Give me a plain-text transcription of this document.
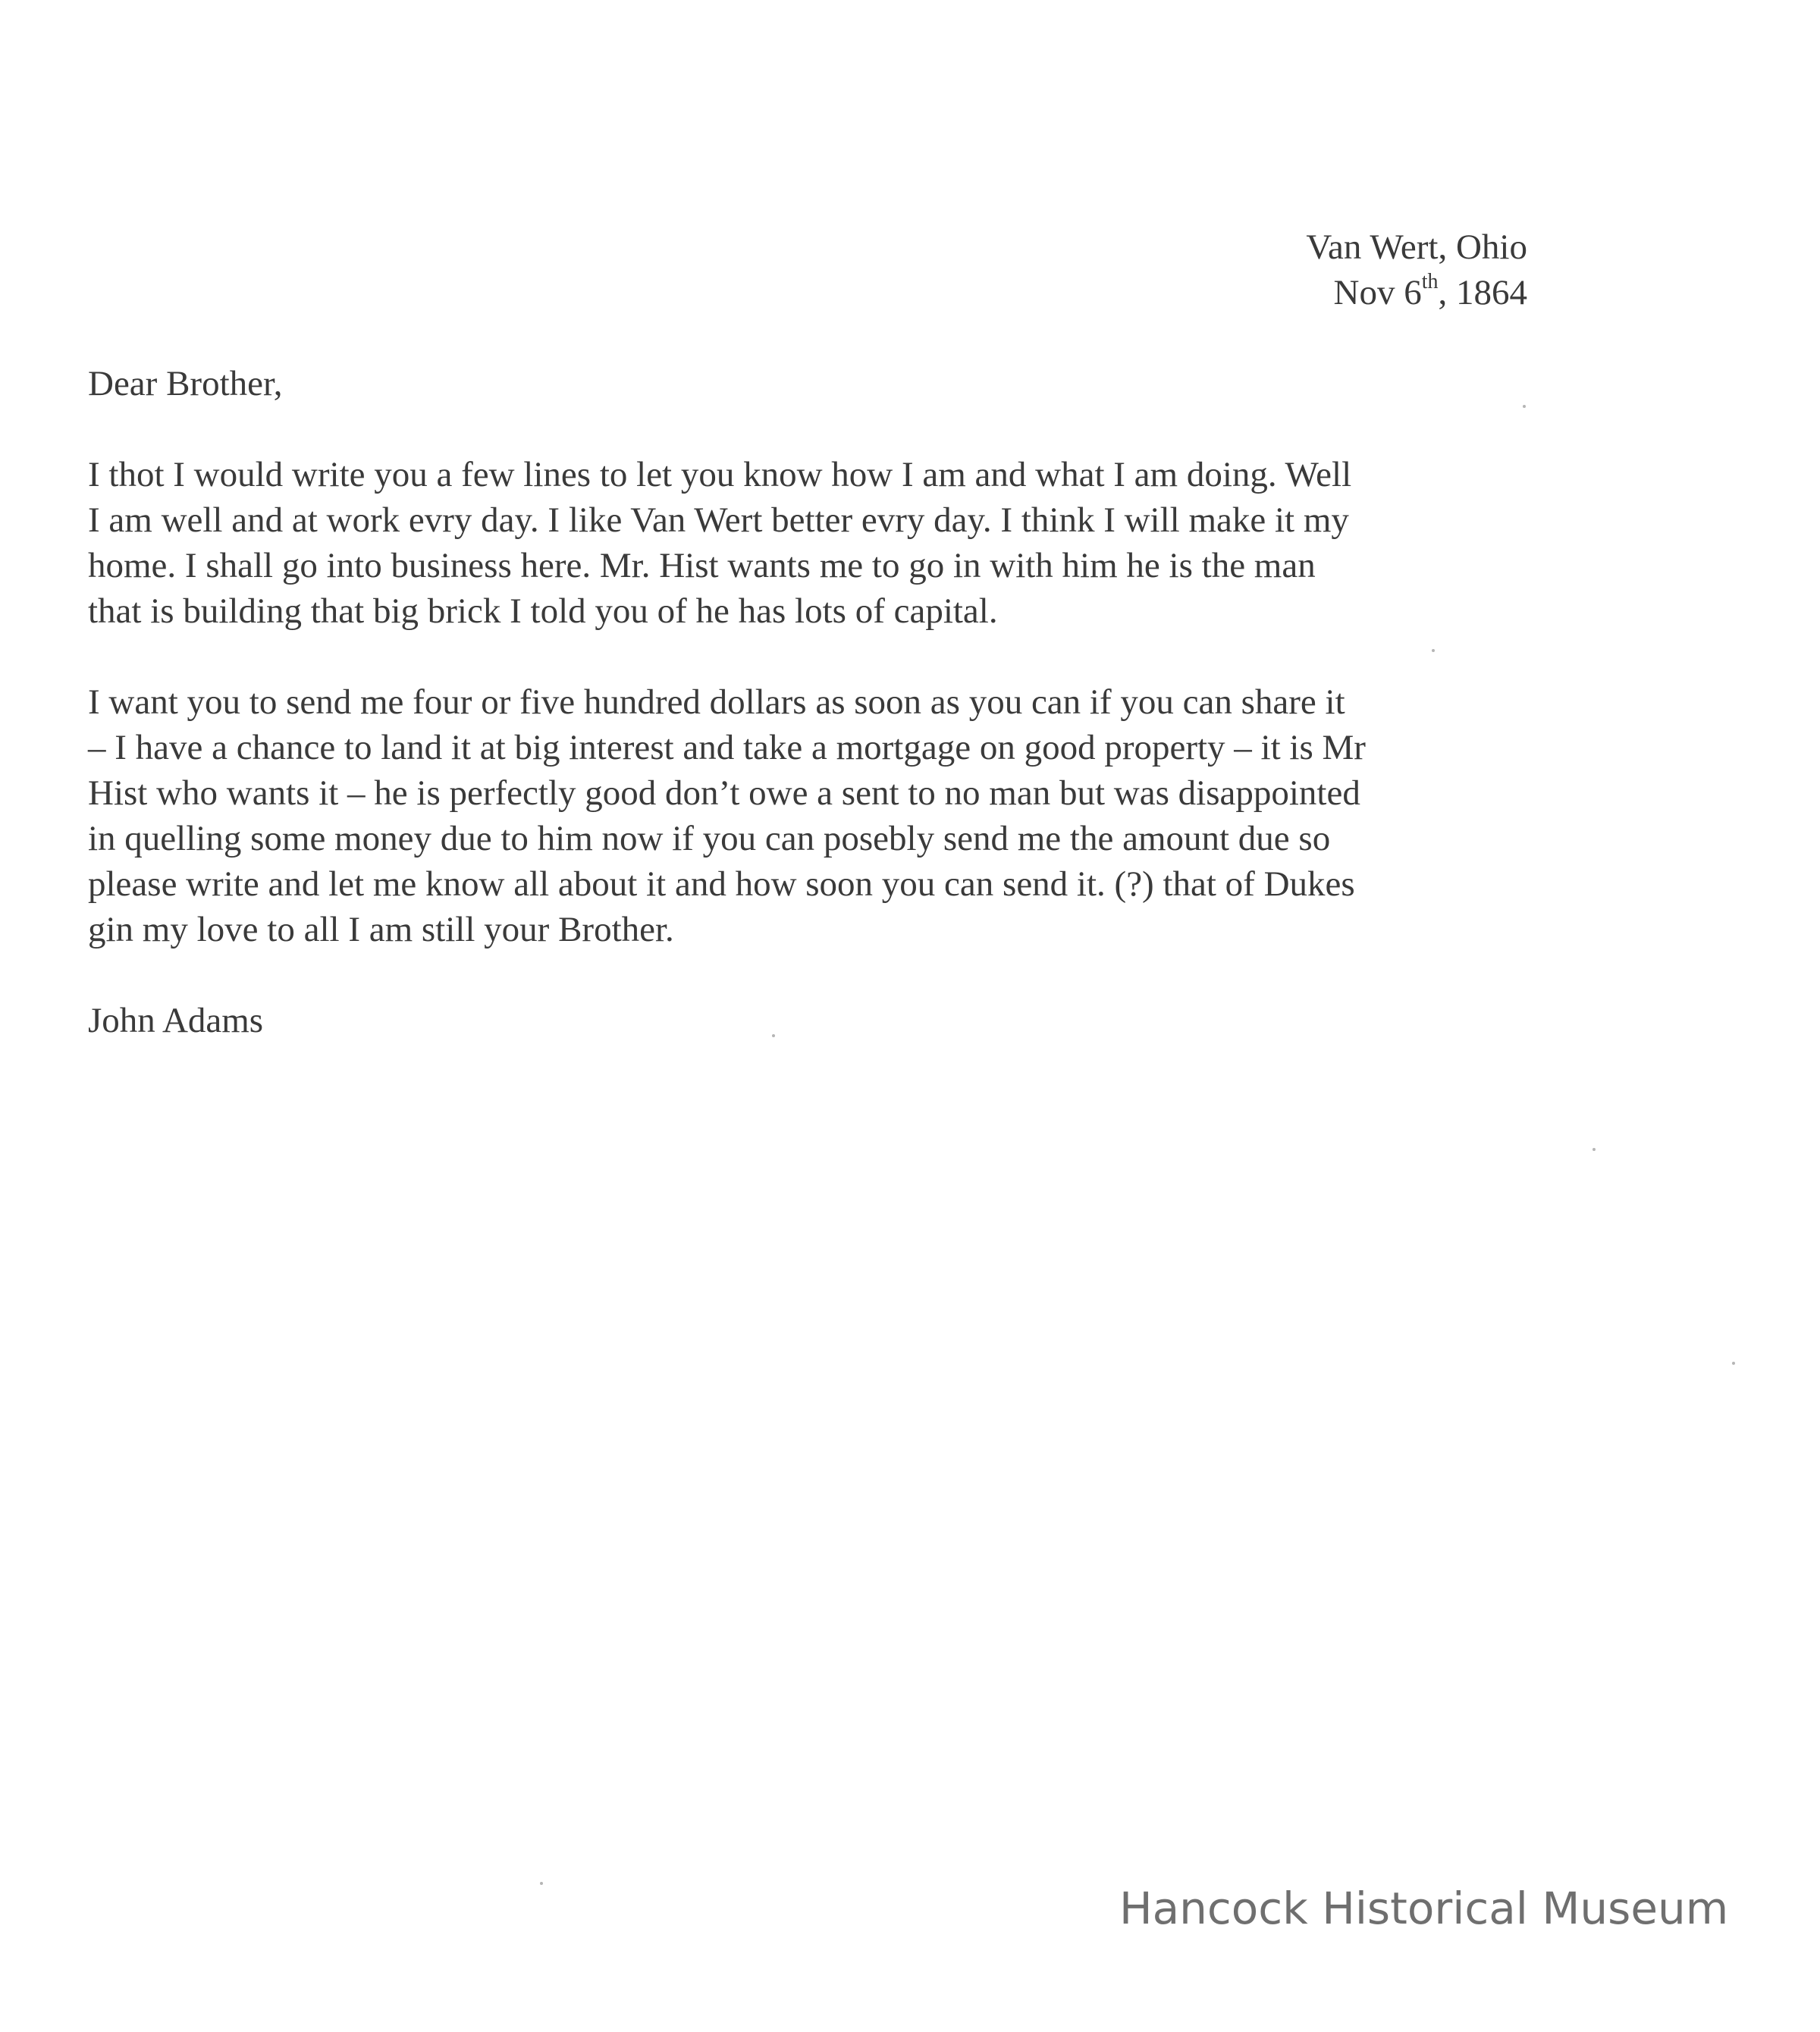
Van Wert, Ohio
Nov 6th, 1864
Dear Brother,
I thot I would write you a few lines to let you know how I am and what I am doing. Well
I am well and at work evry day. I like Van Wert better evry day. I think I will make it my
home. I shall go into business here. Mr. Hist wants me to go in with him he is the man
that is building that big brick I told you of he has lots of capital.
I want you to send me four or five hundred dollars as soon as you can if you can share it
– I have a chance to land it at big interest and take a mortgage on good property – it is Mr
Hist who wants it – he is perfectly good don’t owe a sent to no man but was disappointed
in quelling some money due to him now if you can posebly send me the amount due so
please write and let me know all about it and how soon you can send it. (?) that of Dukes
gin my love to all I am still your Brother.
John Adams
Hancock Historical Museum
